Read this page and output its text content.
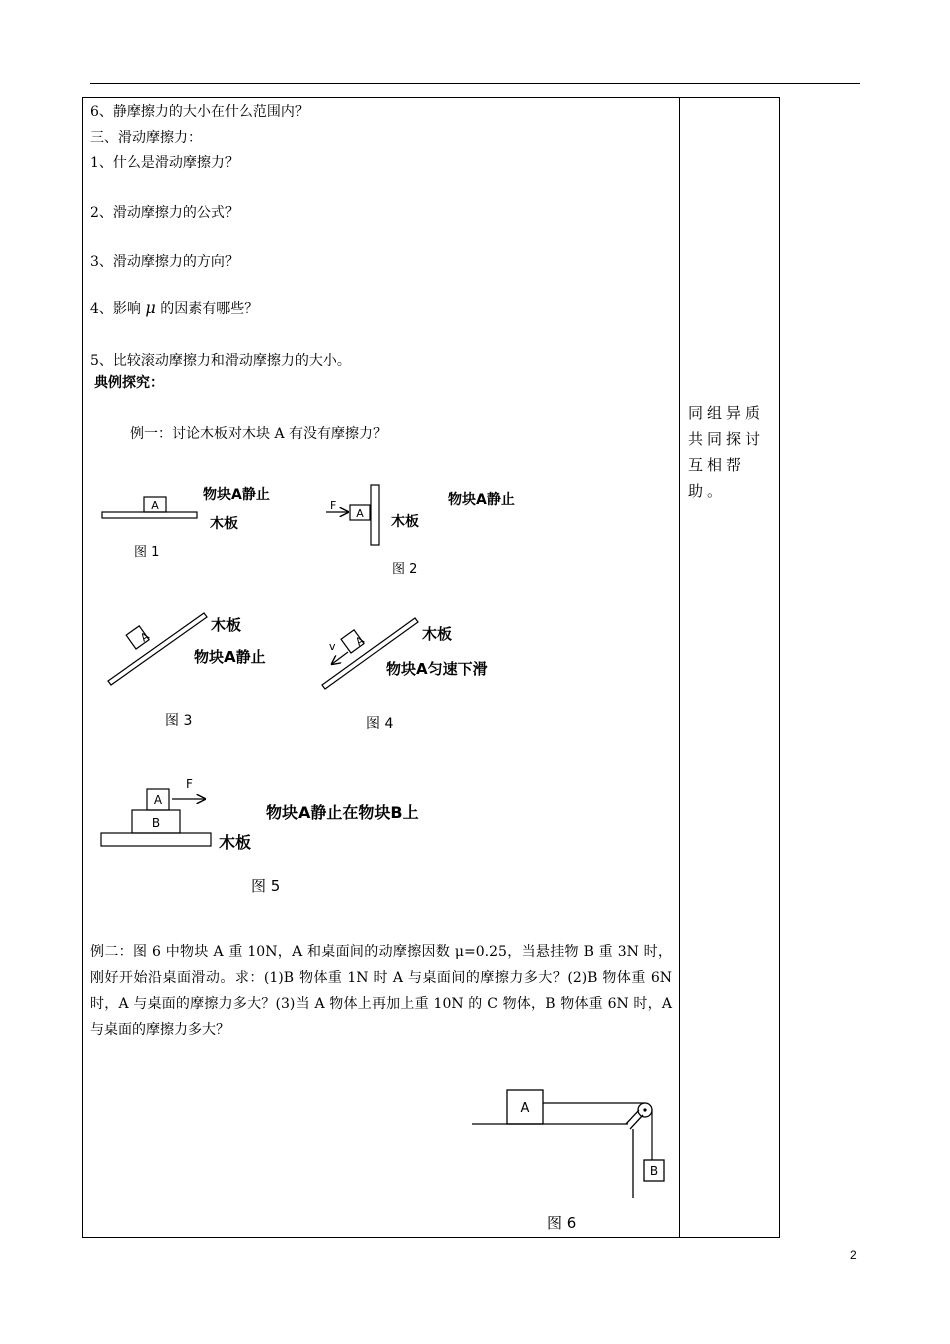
6、静摩擦力的大小在什么范围内？
三、滑动摩擦力：
1、什么是滑动摩擦力？
2、滑动摩擦力的公式？
3、滑动摩擦力的方向？
4、影响 μ 的因素有哪些？
5、比较滚动摩擦力和滑动摩擦力的大小。
典例探究：
例一：讨论木板对木块 A 有没有摩擦力？
同组异质共同探讨互相帮助。
A
物块A静止
木板
图 1
F
A
物块A静止
木板
图 2
A
木板
物块A静止
图 3
A
v
木板
物块A匀速下滑
图 4
B
A
F
物块A静止在物块B上
木板
图 5
A
B
图 6

例二：图 6 中物块 A 重 10N，A 和桌面间的动摩擦因数 μ=0.25，当悬挂物 B 重 3N 时，刚好开始沿桌面滑动。求：(1)B 物体重 1N 时 A 与桌面间的摩擦力多大？(2)B 物体重 6N 时，A 与桌面的摩擦力多大？(3)当 A 物体上再加上重 10N 的 C 物体，B 物体重 6N 时，A 与桌面的摩擦力多大？

2
